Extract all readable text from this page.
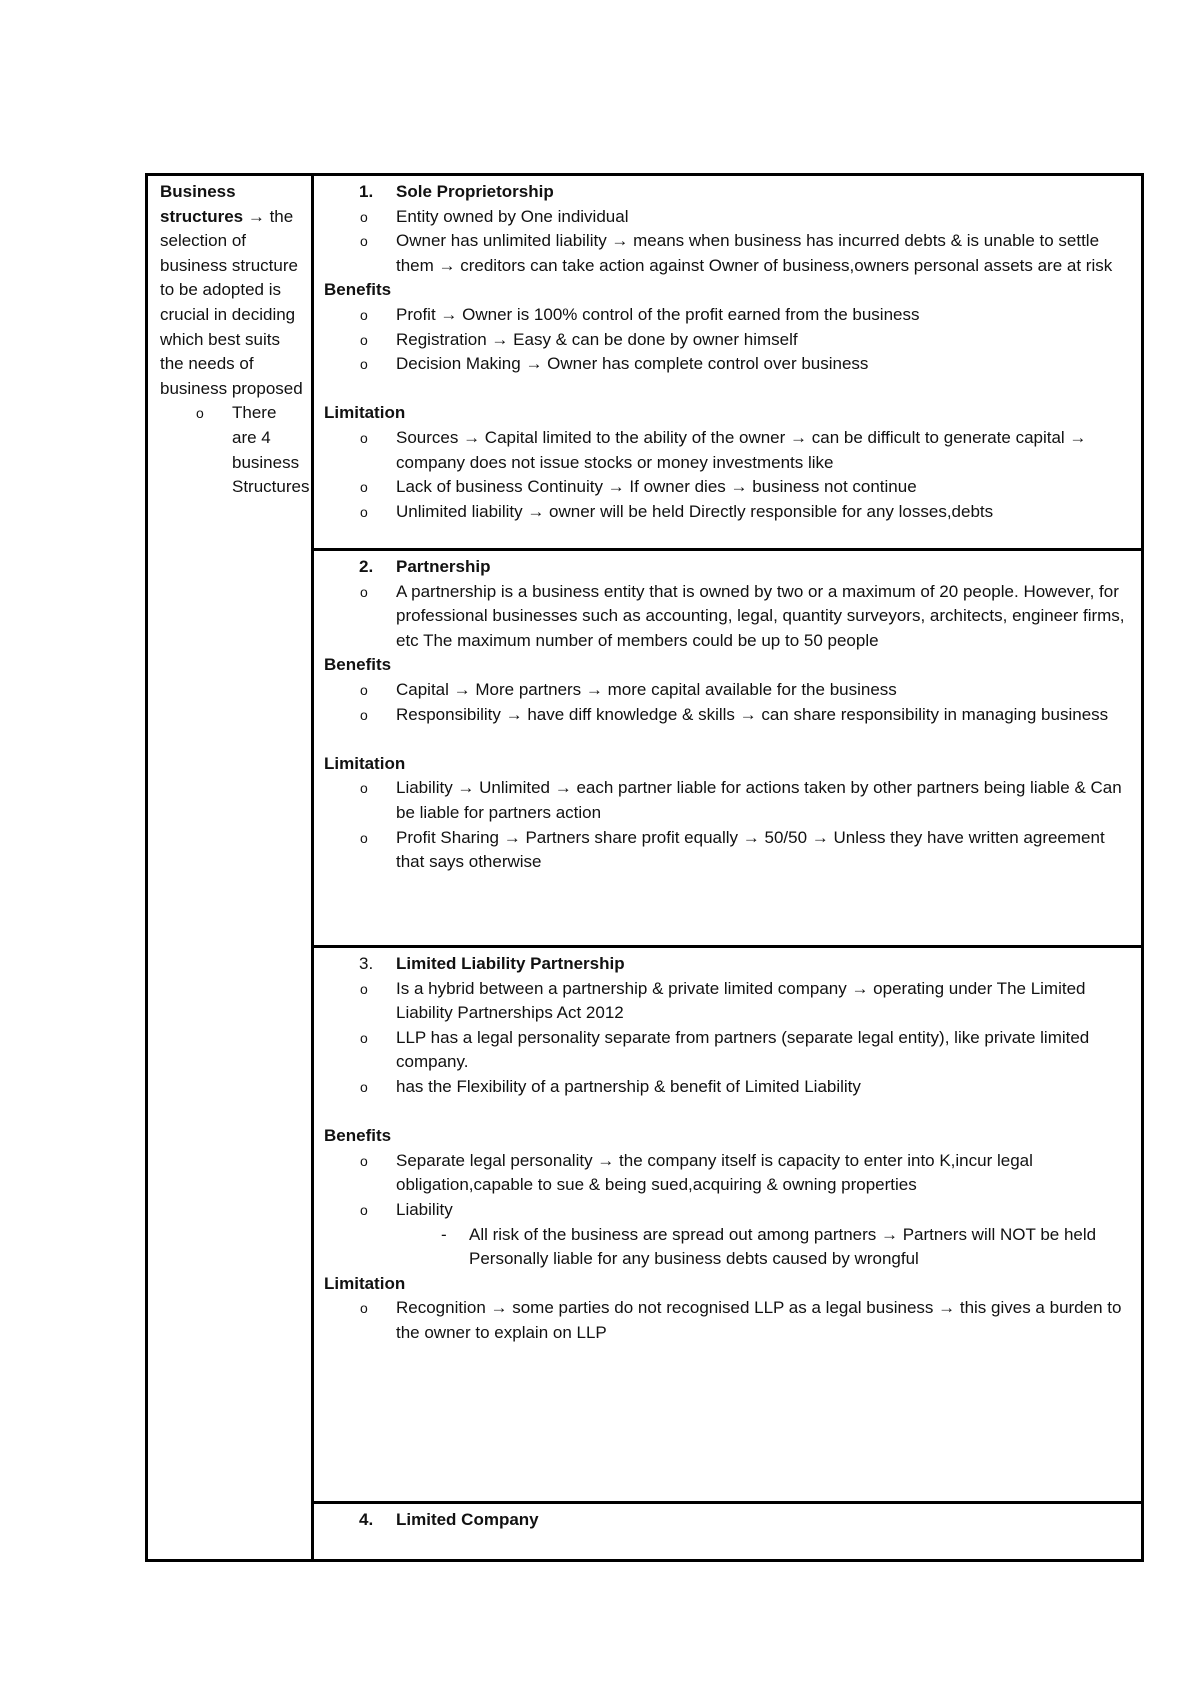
Business structures → the selection of business structure to be adopted is crucial in deciding which best suits the needs of business proposed
o	There are 4 business Structures
1.	Sole Proprietorship
o	Entity owned by One individual
o	Owner has unlimited liability → means when business has incurred debts & is unable to settle them → creditors can take action against Owner of business,owners personal assets are at risk
Benefits
o	Profit → Owner is 100% control of the profit earned from the business
o	Registration → Easy & can be done by owner himself
o	Decision Making → Owner has complete control over business
Limitation
o	Sources → Capital limited to the ability of the owner → can be difficult to generate capital → company does not issue stocks or money investments like
o	Lack of business Continuity → If owner dies → business not continue
o	Unlimited liability → owner will be held Directly responsible for any losses,debts
2.	Partnership
o	A partnership is a business entity that is owned by two or a maximum of 20 people. However, for professional businesses such as accounting, legal, quantity surveyors, architects, engineer firms, etc The maximum number of members could be up to 50 people
Benefits
o	Capital → More partners → more capital available for the business
o	Responsibility → have diff knowledge & skills → can share responsibility in managing business
Limitation
o	Liability → Unlimited → each partner liable for actions taken by other partners being liable & Can be liable for partners action
o	Profit Sharing → Partners share profit equally → 50/50 → Unless they have written agreement that says otherwise
3.	Limited Liability Partnership
o	Is a hybrid between a partnership & private limited company → operating under The Limited Liability Partnerships Act 2012
o	LLP has a legal personality separate from partners (separate legal entity), like private limited company.
o	has the Flexibility of a partnership & benefit of Limited Liability
Benefits
o	Separate legal personality → the company itself is capacity to enter into K,incur legal obligation,capable to sue & being sued,acquiring & owning properties
o	Liability
-	All risk of the business are spread out among partners → Partners will NOT be held Personally liable for any business debts caused by wrongful
Limitation
o	Recognition → some parties do not recognised LLP as a legal business → this gives a burden to the owner to explain on LLP
4.	Limited Company
